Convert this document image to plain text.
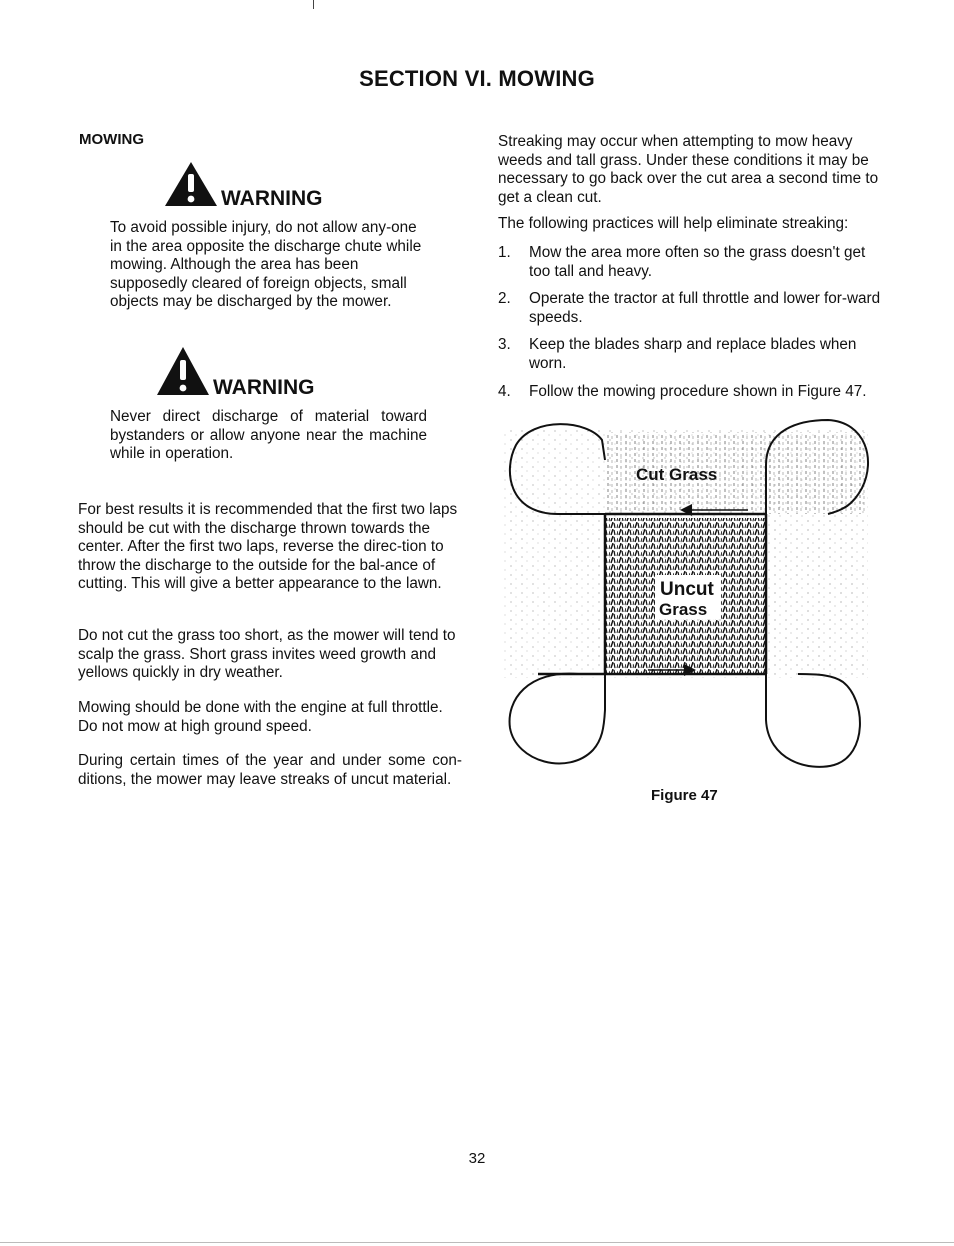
SECTION VI. MOWING
MOWING
WARNING

To avoid possible injury, do not allow any-one in the area opposite the discharge chute while mowing. Although the area has been supposedly cleared of foreign objects, small objects may be discharged by the mower.

WARNING

Never direct discharge of material toward bystanders or allow anyone near the machine while in operation.

For best results it is recommended that the first two laps should be cut with the discharge thrown towards the center. After the first two laps, reverse the direc-tion to throw the discharge to the outside for the bal-ance of cutting. This will give a better appearance to the lawn.

Do not cut the grass too short, as the mower will tend to scalp the grass. Short grass invites weed growth and yellows quickly in dry weather.

Mowing should be done with the engine at full throttle. Do not mow at high ground speed.

During certain times of the year and under some con-ditions, the mower may leave streaks of uncut material.

Streaking may occur when attempting to mow heavy weeds and tall grass. Under these conditions it may be necessary to go back over the cut area a second time to get a clean cut.

The following practices will help eliminate streaking:

1.	Mow the area more often so the grass doesn't get too tall and heavy.
2.	Operate the tractor at full throttle and lower for-ward speeds.
3.	Keep the blades sharp and replace blades when worn.
4.	Follow the mowing procedure shown in Figure 47.
Cut Grass
Uncut
Grass
Figure 47
32
